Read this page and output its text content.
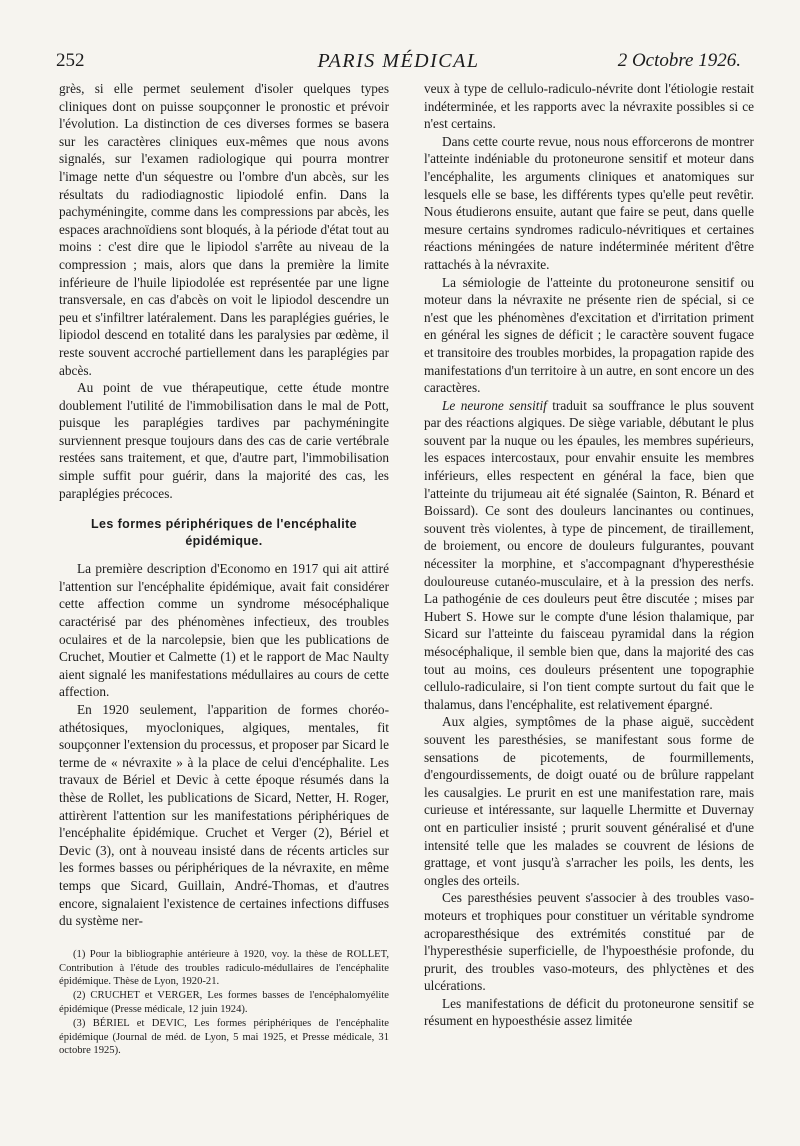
252	PARIS MÉDICAL	2 Octobre 1926.

grès, si elle permet seulement d'isoler quelques types cliniques dont on puisse soupçonner le pronostic et prévoir l'évolution. La distinction de ces diverses formes se basera sur les caractères cliniques eux-mêmes que nous avons signalés, sur l'examen radiologique qui pourra montrer l'image nette d'un séquestre ou l'ombre d'un abcès, sur les résultats du radiodiagnostic lipiodolé enfin. Dans la pachyméningite, comme dans les compressions par abcès, les espaces arachnoïdiens sont bloqués, à la période d'état tout au moins : c'est dire que le lipiodol s'arrête au niveau de la compression ; mais, alors que dans la première la limite inférieure de l'huile lipiodolée est représentée par une ligne transversale, en cas d'abcès on voit le lipiodol descendre un peu et s'infiltrer latéralement. Dans les paraplégies guéries, le lipiodol descend en totalité dans les paralysies par œdème, il reste souvent accroché partiellement dans les paraplégies par abcès.

Au point de vue thérapeutique, cette étude montre doublement l'utilité de l'immobilisation dans le mal de Pott, puisque les paraplégies tardives par pachyméningite surviennent presque toujours dans des cas de carie vertébrale restées sans traitement, et que, d'autre part, l'immobilisation simple suffit pour guérir, dans la majorité des cas, les paraplégies précoces.

Les formes périphériques de l'encéphalite épidémique.

La première description d'Economo en 1917 qui ait attiré l'attention sur l'encéphalite épidémique, avait fait considérer cette affection comme un syndrome mésocéphalique caractérisé par des phénomènes infectieux, des troubles oculaires et de la narcolepsie, bien que les publications de Cruchet, Moutier et Calmette (1) et le rapport de Mac Naulty aient signalé les manifestations médullaires au cours de cette affection.

En 1920 seulement, l'apparition de formes choréo-athétosiques, myocloniques, algiques, mentales, fit soupçonner l'extension du processus, et proposer par Sicard le terme de « névraxite » à la place de celui d'encéphalite. Les travaux de Bériel et Devic à cette époque résumés dans la thèse de Rollet, les publications de Sicard, Netter, H. Roger, attirèrent l'attention sur les manifestations périphériques de l'encéphalite épidémique. Cruchet et Verger (2), Bériel et Devic (3), ont à nouveau insisté dans de récents articles sur les formes basses ou périphériques de la névraxite, en même temps que Sicard, Guillain, André-Thomas, et d'autres encore, signalaient l'existence de certaines infections diffuses du système ner-

(1) Pour la bibliographie antérieure à 1920, voy. la thèse de ROLLET, Contribution à l'étude des troubles radiculo-médullaires de l'encéphalite épidémique. Thèse de Lyon, 1920-21.

(2) CRUCHET et VERGER, Les formes basses de l'encéphalomyélite épidémique (Presse médicale, 12 juin 1924).

(3) BÉRIEL et DEVIC, Les formes périphériques de l'encéphalite épidémique (Journal de méd. de Lyon, 5 mai 1925, et Presse médicale, 31 octobre 1925).

veux à type de cellulo-radiculo-névrite dont l'étiologie restait indéterminée, et les rapports avec la névraxite possibles si ce n'est certains.

Dans cette courte revue, nous nous efforcerons de montrer l'atteinte indéniable du protoneurone sensitif et moteur dans l'encéphalite, les arguments cliniques et anatomiques sur lesquels elle se base, les différents types qu'elle peut revêtir. Nous étudierons ensuite, autant que faire se peut, dans quelle mesure certains syndromes radiculo-névritiques et certaines réactions méningées de nature indéterminée méritent d'être rattachés à la névraxite.

La sémiologie de l'atteinte du protoneurone sensitif ou moteur dans la névraxite ne présente rien de spécial, si ce n'est que les phénomènes d'excitation et d'irritation priment en général les signes de déficit ; le caractère souvent fugace et transitoire des troubles morbides, la propagation rapide des manifestations d'un territoire à un autre, en sont encore un des caractères.

Le neurone sensitif traduit sa souffrance le plus souvent par des réactions algiques. De siège variable, débutant le plus souvent par la nuque ou les épaules, les membres supérieurs, les espaces intercostaux, pour envahir ensuite les membres inférieurs, elles respectent en général la face, bien que l'atteinte du trijumeau ait été signalée (Sainton, R. Bénard et Boissard). Ce sont des douleurs lancinantes ou continues, souvent très violentes, à type de pincement, de tiraillement, de broiement, ou encore de douleurs fulgurantes, pouvant nécessiter la morphine, et s'accompagnant d'hyperesthésie douloureuse cutanéo-musculaire, et à la pression des nerfs. La pathogénie de ces douleurs peut être discutée ; mises par Hubert S. Howe sur le compte d'une lésion thalamique, par Sicard sur l'atteinte du faisceau pyramidal dans la région mésocéphalique, il semble bien que, dans la majorité des cas tout au moins, ces douleurs présentent une topographie cellulo-radiculaire, si l'on tient compte surtout du fait que le thalamus, dans l'encéphalite, est relativement épargné.

Aux algies, symptômes de la phase aiguë, succèdent souvent les paresthésies, se manifestant sous forme de sensations de picotements, de fourmillements, d'engourdissements, de doigt ouaté ou de brûlure rappelant les causalgies. Le prurit en est une manifestation rare, mais curieuse et intéressante, sur laquelle Lhermitte et Duvernay ont en particulier insisté ; prurit souvent généralisé et d'une intensité telle que les malades se couvrent de lésions de grattage, et vont jusqu'à s'arracher les poils, les dents, les ongles des orteils.

Ces paresthésies peuvent s'associer à des troubles vaso-moteurs et trophiques pour constituer un véritable syndrome acroparesthésique des extrémités constitué par de l'hyperesthésie superficielle, de l'hypoesthésie profonde, du prurit, des troubles vaso-moteurs, des phlyctènes et des ulcérations.

Les manifestations de déficit du protoneurone sensitif se résument en hypoesthésie assez limitée
